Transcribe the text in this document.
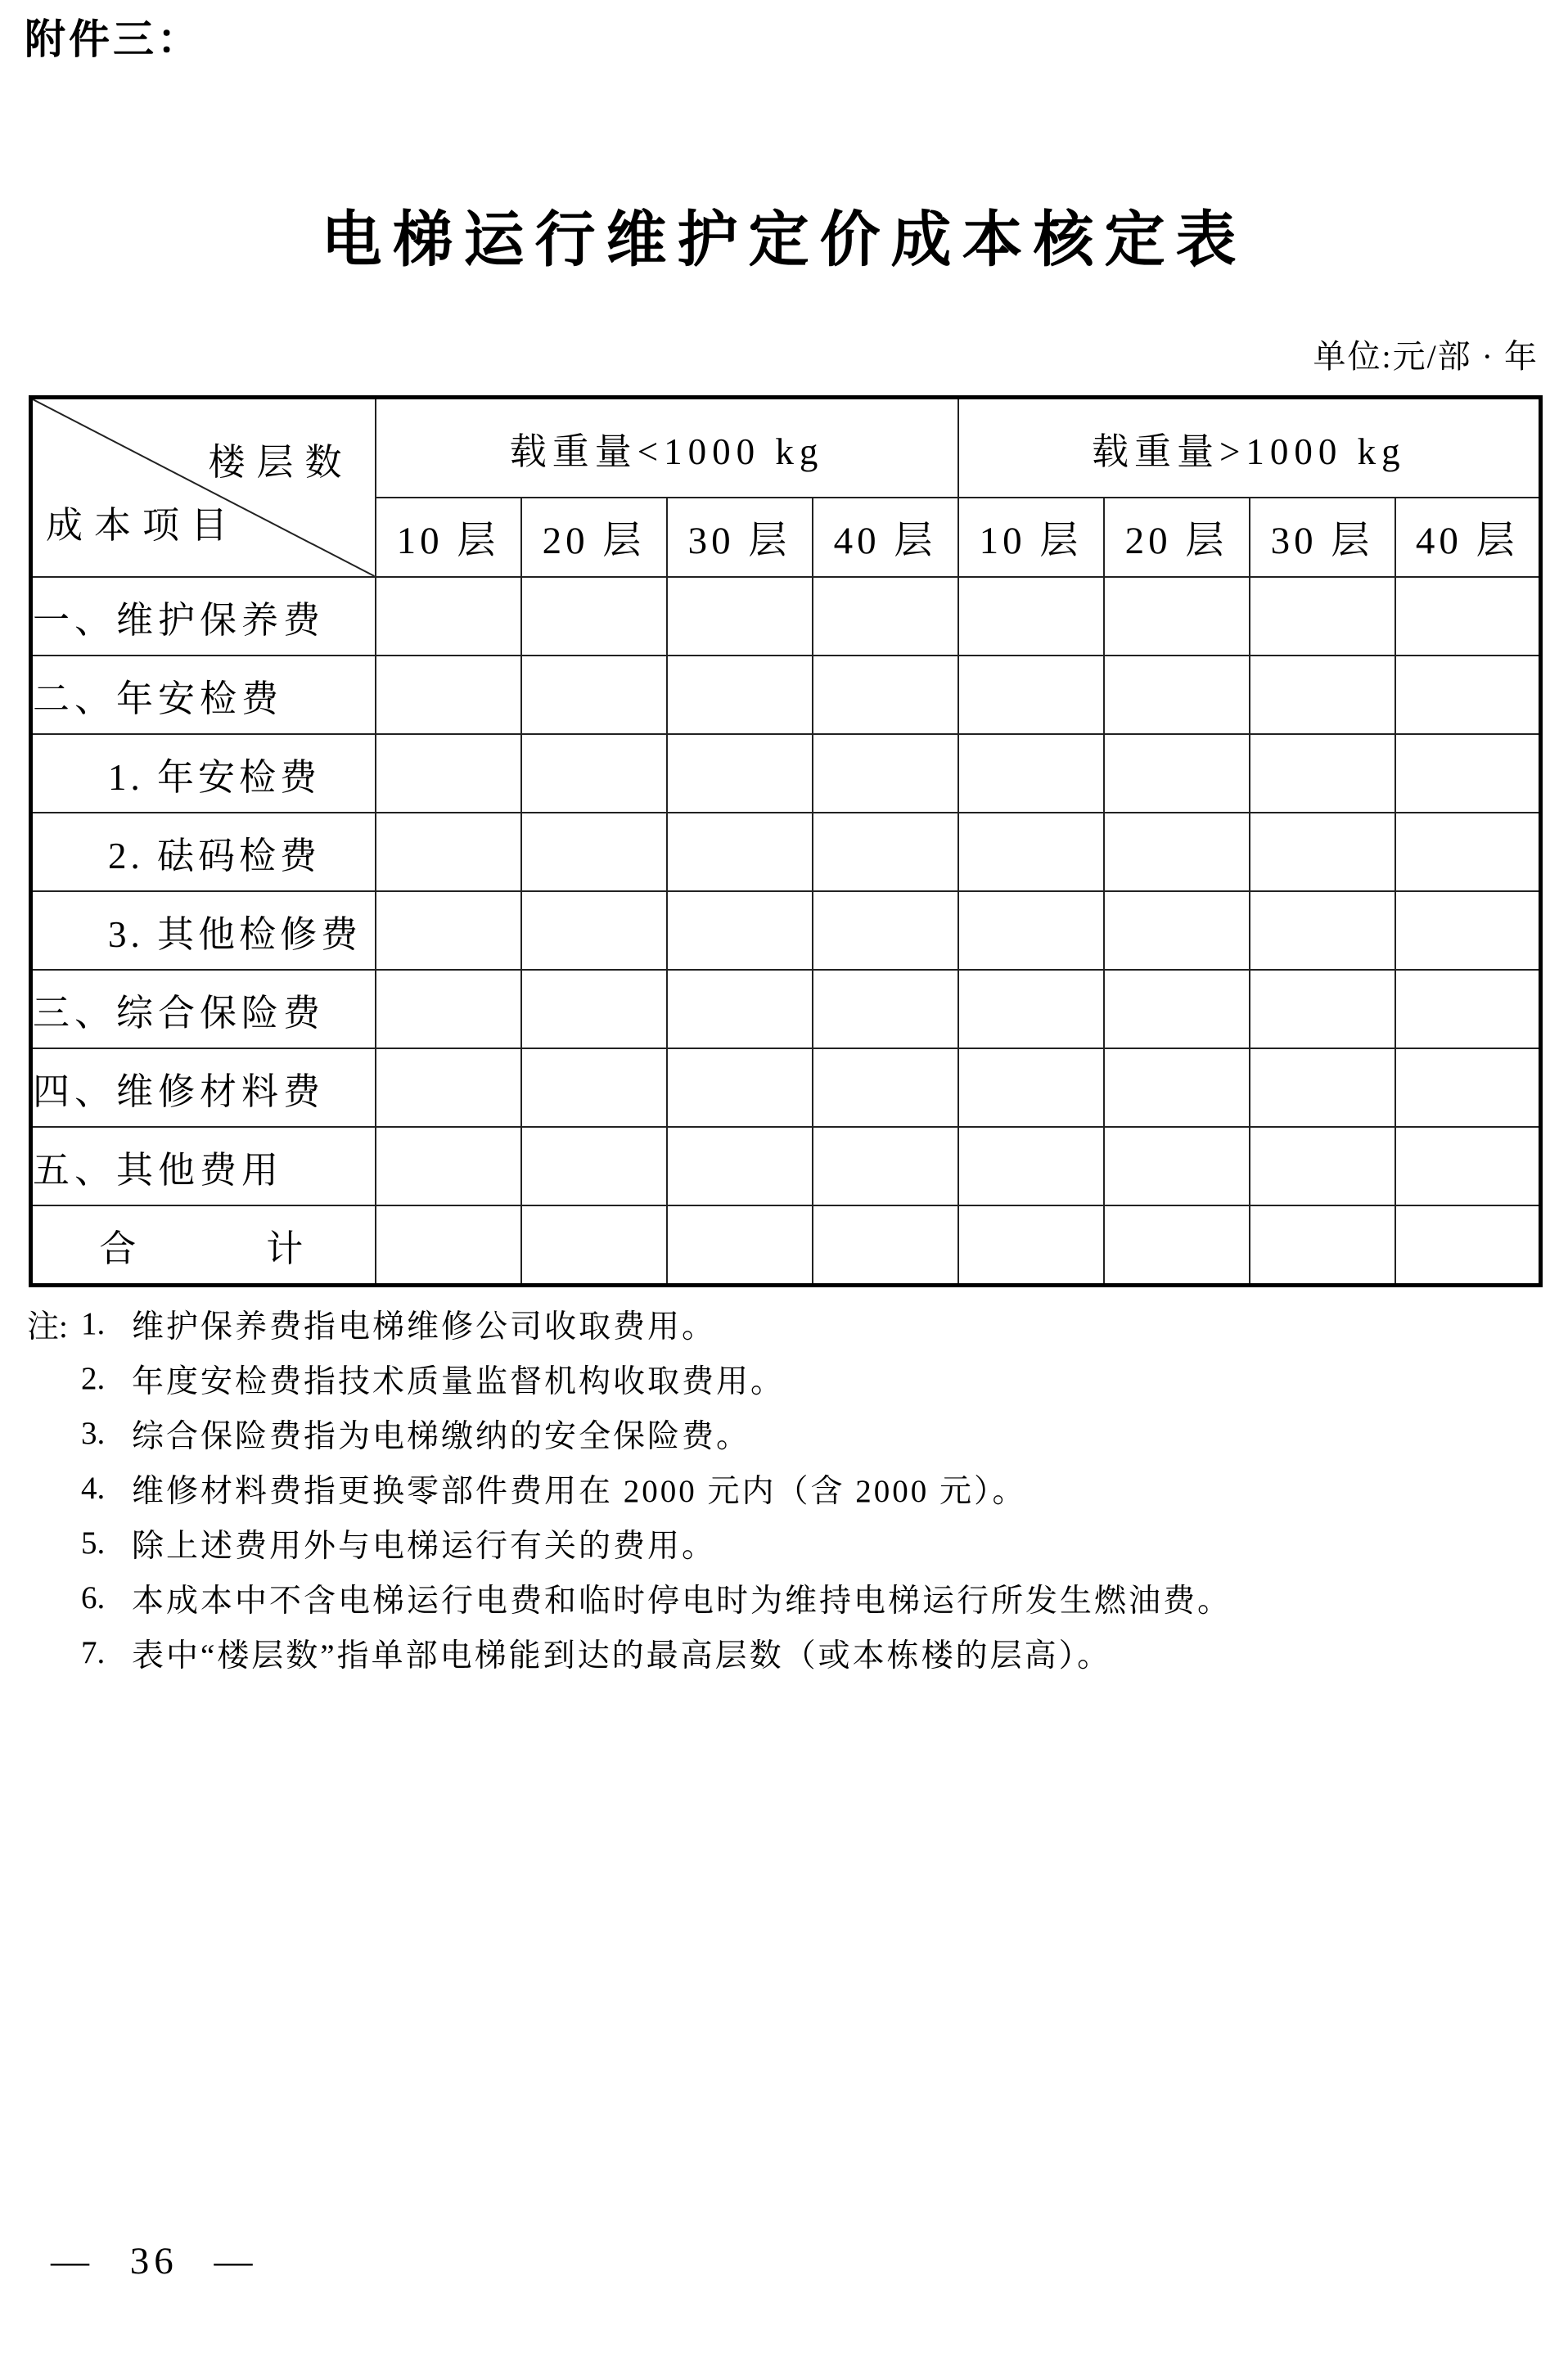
附件三：
电梯运行维护定价成本核定表
单位:元/部 · 年
楼层数
成本项目	载重量<1000 kg				载重量>1000 kg			
	10 层	20 层	30 层	40 层	10 层	20 层	30 层	40 层
一、维护保养费								
二、年安检费								
1. 年安检费								
2. 砝码检费								
3. 其他检修费								
三、综合保险费								
四、维修材料费								
五、其他费用								
合　　　计								
注: 1. 维护保养费指电梯维修公司收取费用。
2. 年度安检费指技术质量监督机构收取费用。
3. 综合保险费指为电梯缴纳的安全保险费。
4. 维修材料费指更换零部件费用在 2000 元内（含 2000 元）。
5. 除上述费用外与电梯运行有关的费用。
6. 本成本中不含电梯运行电费和临时停电时为维持电梯运行所发生燃油费。
7. 表中“楼层数”指单部电梯能到达的最高层数（或本栋楼的层高）。
— 36 —
